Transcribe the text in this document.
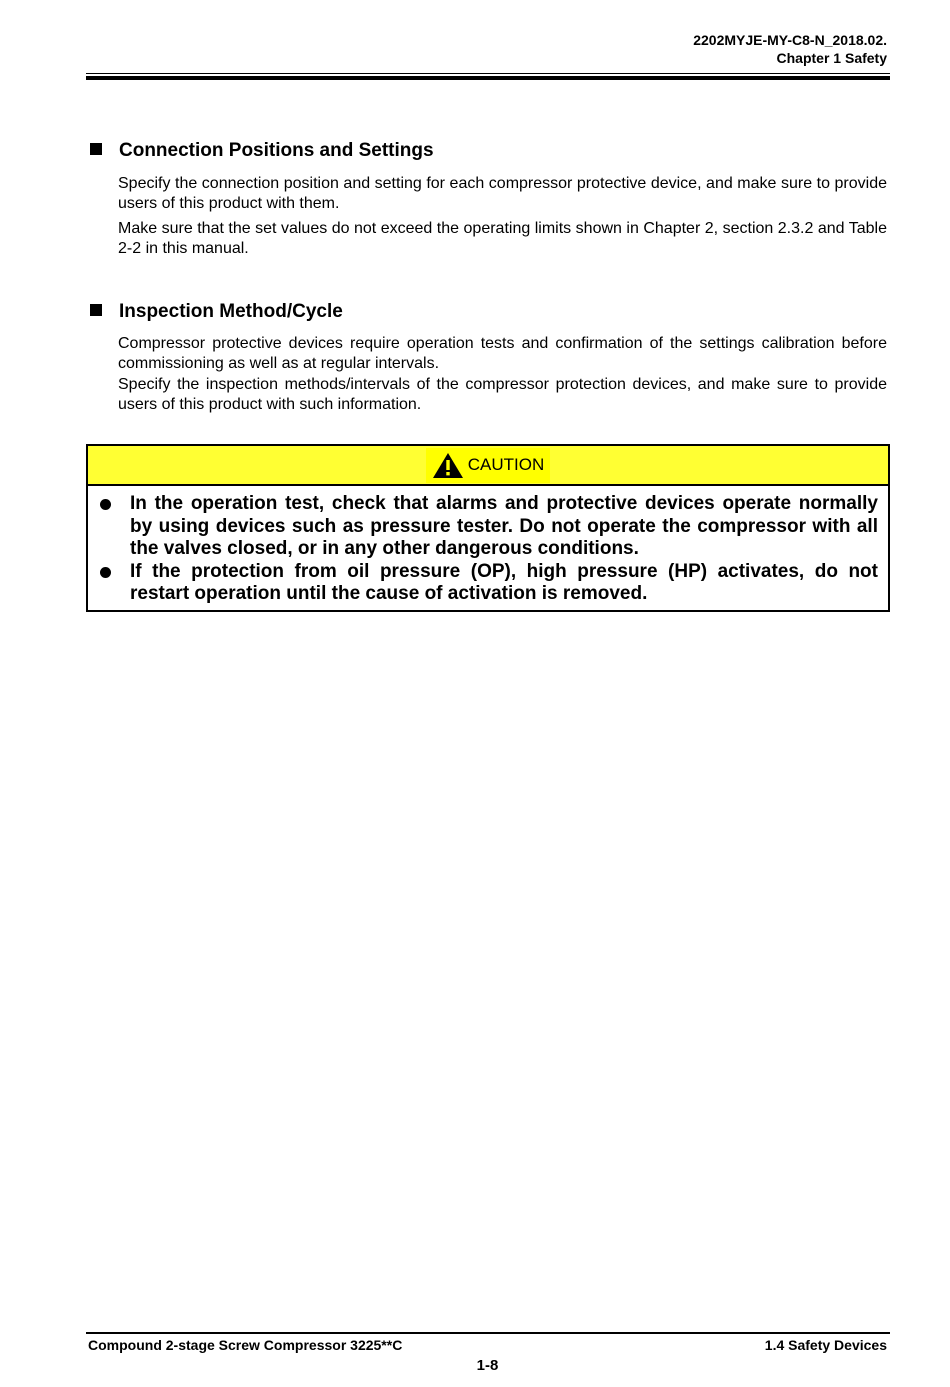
2202MYJE-MY-C8-N_2018.02.
Chapter 1 Safety
Connection Positions and Settings

Specify the connection position and setting for each compressor protective device, and make sure to provide users of this product with them.

Make sure that the set values do not exceed the operating limits shown in Chapter 2, section 2.3.2 and Table 2-2 in this manual.

Inspection Method/Cycle

Compressor protective devices require operation tests and confirmation of the settings calibration before commissioning as well as at regular intervals.

Specify the inspection methods/intervals of the compressor protection devices, and make sure to provide users of this product with such information.

CAUTION
In the operation test, check that alarms and protective devices operate normally by using devices such as pressure tester. Do not operate the compressor with all the valves closed, or in any other dangerous conditions.
If the protection from oil pressure (OP), high pressure (HP) activates, do not restart operation until the cause of activation is removed.
Compound 2-stage Screw Compressor 3225**C	1.4 Safety Devices
1-8
